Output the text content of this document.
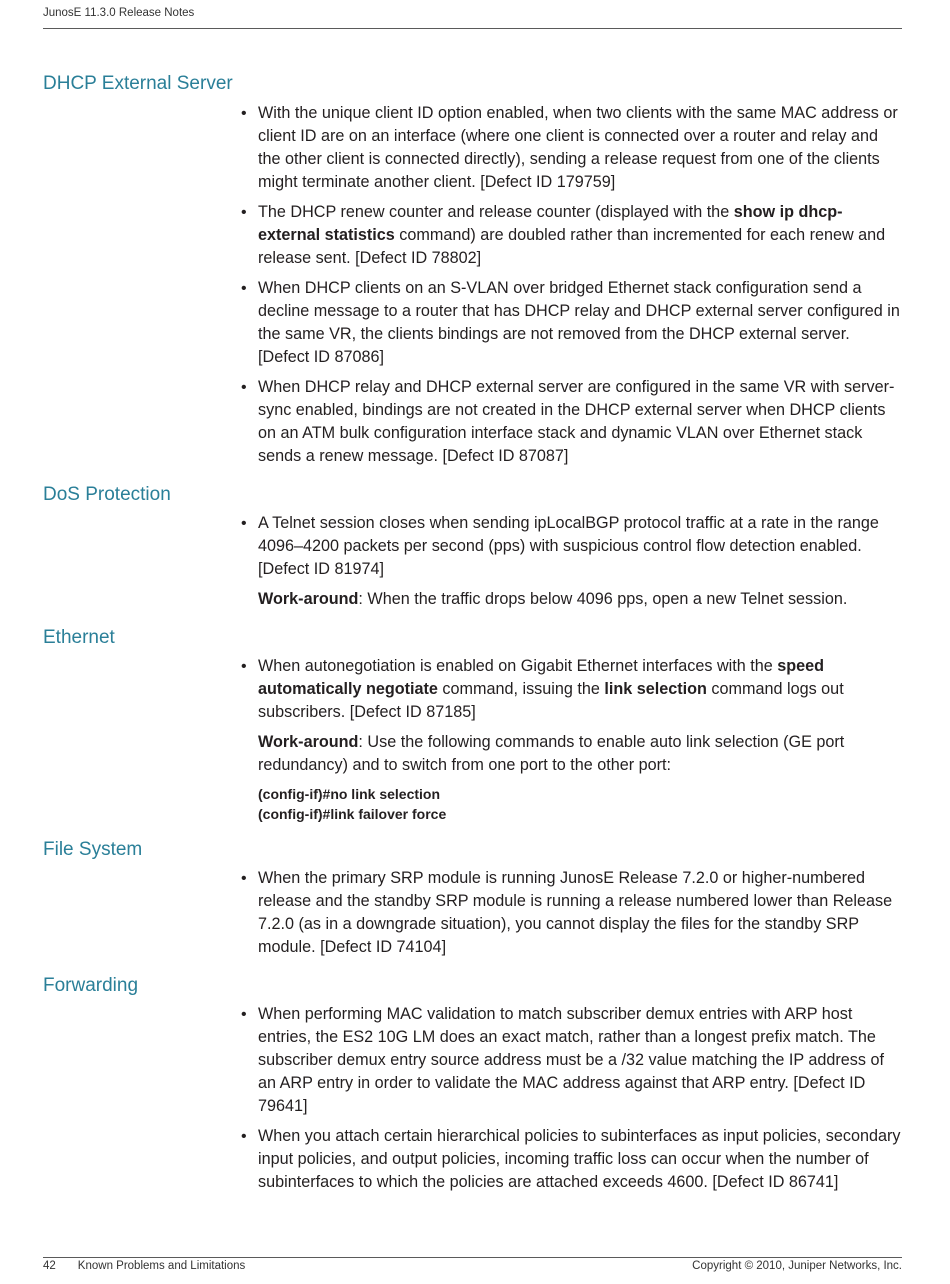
JunosE 11.3.0 Release Notes
DHCP External Server
• With the unique client ID option enabled, when two clients with the same MAC address or client ID are on an interface (where one client is connected over a router and relay and the other client is connected directly), sending a release request from one of the clients might terminate another client. [Defect ID 179759]

• The DHCP renew counter and release counter (displayed with the show ip dhcp-external statistics command) are doubled rather than incremented for each renew and release sent. [Defect ID 78802]

• When DHCP clients on an S-VLAN over bridged Ethernet stack configuration send a decline message to a router that has DHCP relay and DHCP external server configured in the same VR, the clients bindings are not removed from the DHCP external server. [Defect ID 87086]

• When DHCP relay and DHCP external server are configured in the same VR with server-sync enabled, bindings are not created in the DHCP external server when DHCP clients on an ATM bulk configuration interface stack and dynamic VLAN over Ethernet stack sends a renew message. [Defect ID 87087]

DoS Protection
• A Telnet session closes when sending ipLocalBGP protocol traffic at a rate in the range 4096–4200 packets per second (pps) with suspicious control flow detection enabled. [Defect ID 81974]

Work-around: When the traffic drops below 4096 pps, open a new Telnet session.

Ethernet
• When autonegotiation is enabled on Gigabit Ethernet interfaces with the speed automatically negotiate command, issuing the link selection command logs out subscribers. [Defect ID 87185]

Work-around: Use the following commands to enable auto link selection (GE port redundancy) and to switch from one port to the other port:

(config-if)#no link selection
(config-if)#link failover force
File System
• When the primary SRP module is running JunosE Release 7.2.0 or higher-numbered release and the standby SRP module is running a release numbered lower than Release 7.2.0 (as in a downgrade situation), you cannot display the files for the standby SRP module. [Defect ID 74104]

Forwarding
• When performing MAC validation to match subscriber demux entries with ARP host entries, the ES2 10G LM does an exact match, rather than a longest prefix match. The subscriber demux entry source address must be a /32 value matching the IP address of an ARP entry in order to validate the MAC address against that ARP entry. [Defect ID 79641]

• When you attach certain hierarchical policies to subinterfaces as input policies, secondary input policies, and output policies, incoming traffic loss can occur when the number of subinterfaces to which the policies are attached exceeds 4600. [Defect ID 86741]

42 Known Problems and Limitations	Copyright © 2010, Juniper Networks, Inc.
